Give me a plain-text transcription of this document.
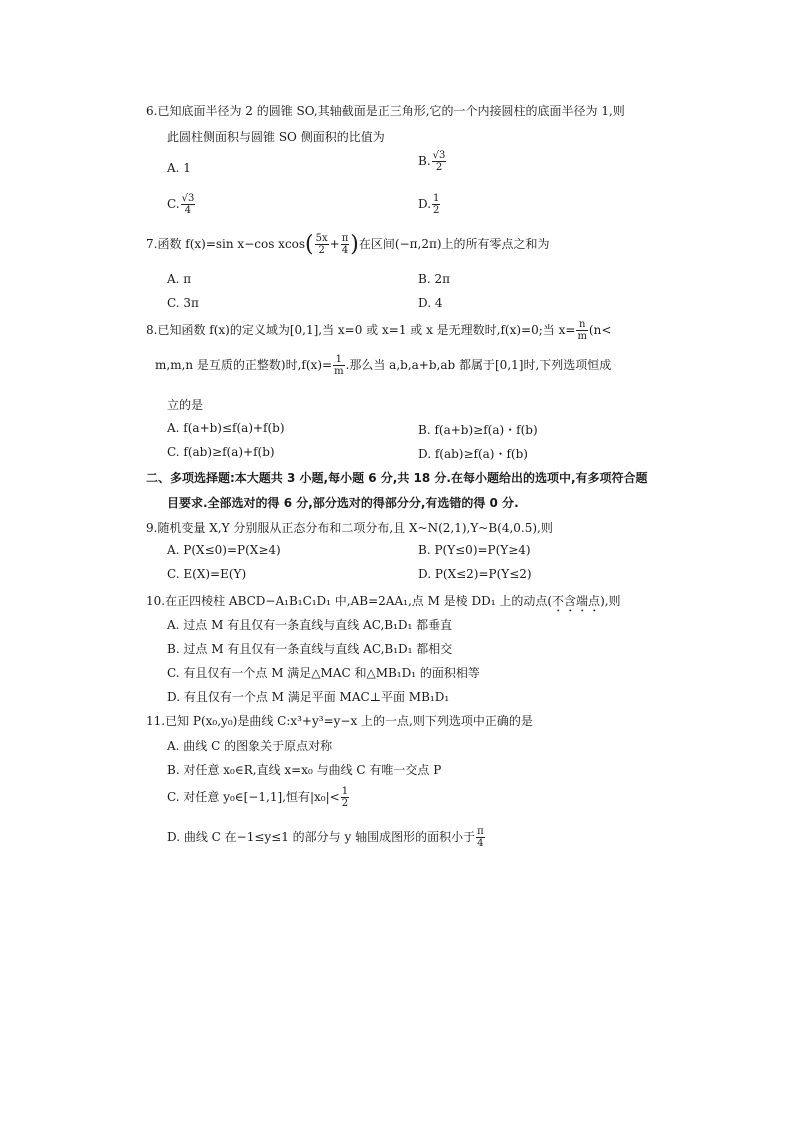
6.已知底面半径为 2 的圆锥 SO,其轴截面是正三角形,它的一个内接圆柱的底面半径为 1,则
此圆柱侧面积与圆锥 SO 侧面积的比值为
A. 1	B. $\frac{√3}{2}$
C. $\frac{√3}{4}$	D. $\frac{1}{2}$
7.函数 f(x)=sin x−cos $xcos( \frac{5x}{2} + \frac{\pi}{4}$ )在区间(−π,2π)上的所有零点之和为
A. π	B. 2π
C. 3π	D. 4
8.已知函数 f(x)的定义域为[0,1],当 x=0 或 x=1 或 x 是无理数时,f(x)=0;当 $x= \frac{n}{m} (n<$
m,m,n 是互质的正整数)时$,f(x)= \frac{1}{m}$ .那么当 a,b,a+b,ab 都属于[0,1]时,下列选项恒成
立的是
A. f(a+b)≤f(a)+f(b)	B. f(a+b)≥f(a)・f(b)
C. f(ab)≥f(a)+f(b)	D. f(ab)≥f(a)・f(b)
二、多项选择题:本大题共 3 小题,每小题 6 分,共 18 分.在每小题给出的选项中,有多项符合题
目要求.全部选对的得 6 分,部分选对的得部分分,有选错的得 0 分.
9.随机变量 X,Y 分别服从正态分布和二项分布,且 X~N(2,1),Y~B(4,0.5),则
A. P(X≤0)=P(X≥4)	B. P(Y≤0)=P(Y≥4)
C. E(X)=E(Y)	D. P(X≤2)=P(Y≤2)
10.在正四棱柱 ABCD−A₁B₁C₁D₁ 中,AB=2AA₁,点 M 是棱 DD₁ 上的动点(不含端点),则
A. 过点 M 有且仅有一条直线与直线 AC,B₁D₁ 都垂直
B. 过点 M 有且仅有一条直线与直线 AC,B₁D₁ 都相交
C. 有且仅有一个点 M 满足△MAC 和△MB₁D₁ 的面积相等
D. 有且仅有一个点 M 满足平面 MAC⊥平面 MB₁D₁
11.已知 P(x₀,y₀)是曲线 C:x³+y³=y−x 上的一点,则下列选项中正确的是
A. 曲线 C 的图象关于原点对称
B. 对任意 x₀∈R,直线 x=x₀ 与曲线 C 有唯一交点 P
C. 对任意 y₀∈[−1,1],恒有$|x_0|< \frac{1}{2}$
D. 曲线 C 在−1≤y≤1 的部分与 y 轴围成图形的面积小于 $\frac{\pi}{4}$
